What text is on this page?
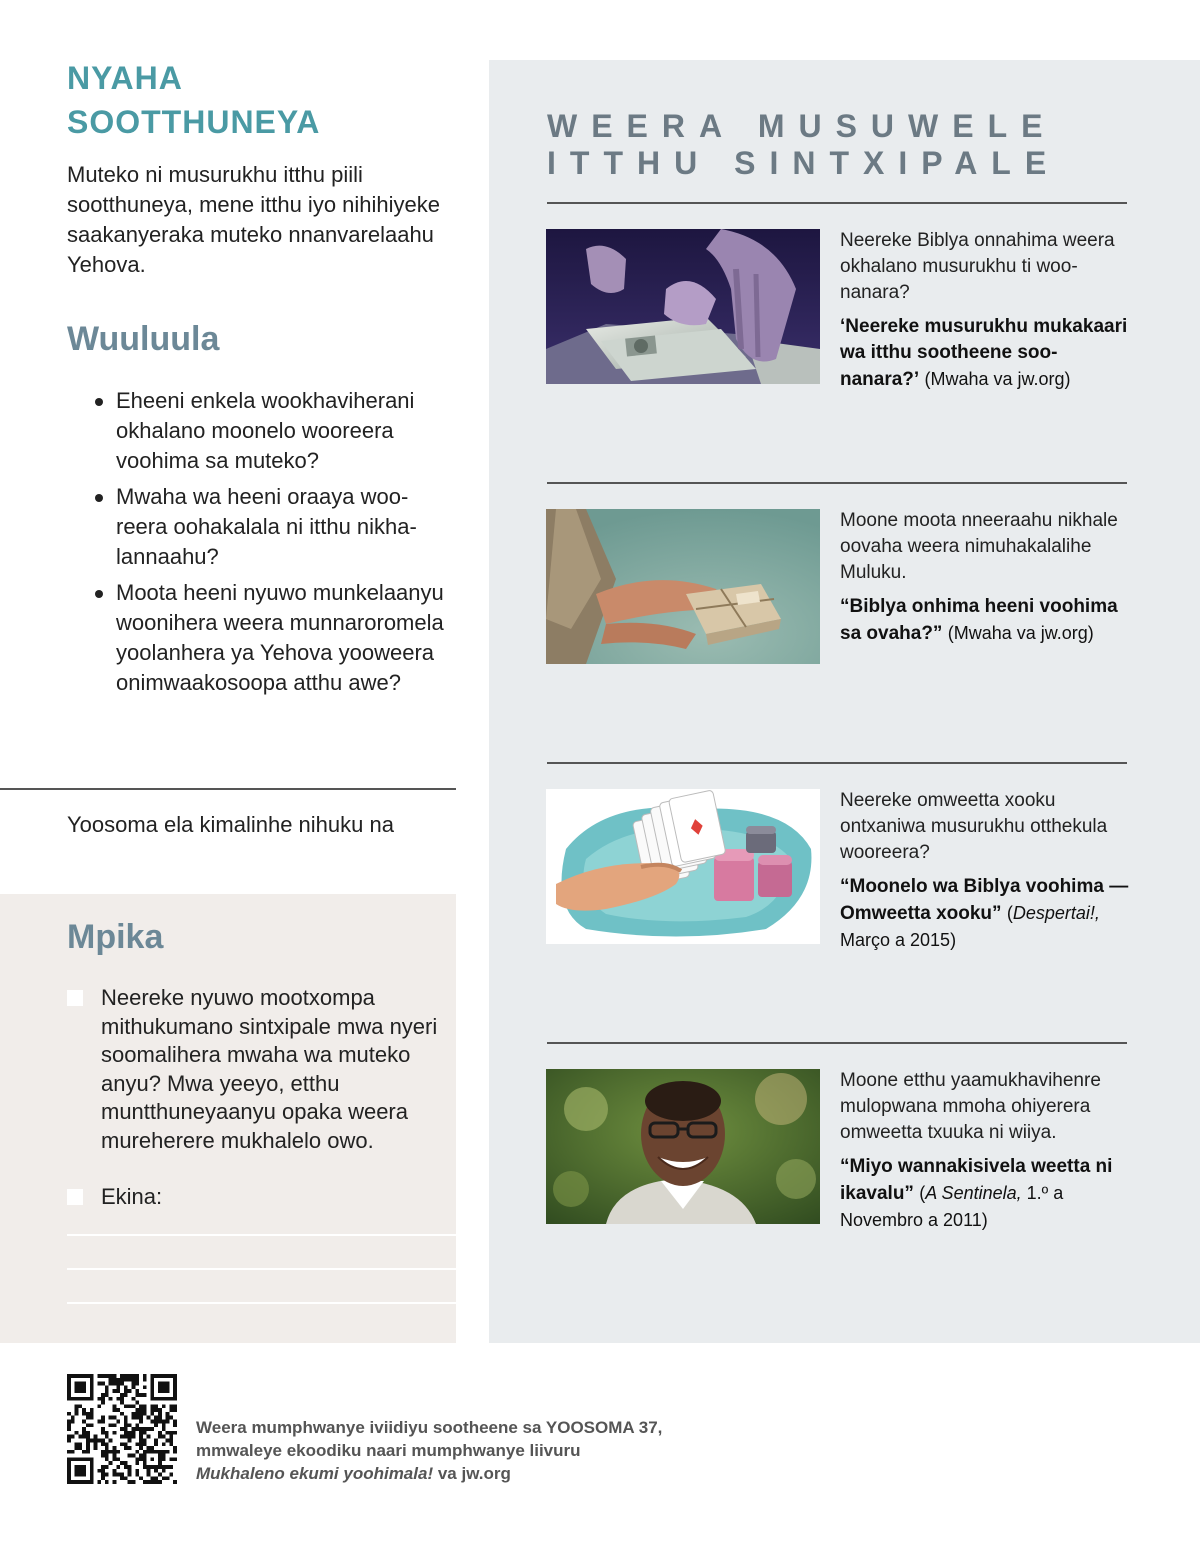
NYAHA
SOOTTHUNEYA

Muteko ni musurukhu itthu piili sootthuneya, mene itthu iyo nihihiyeke saakanyeraka muteko nnanvarelaahu Yehova.

Wuuluula
Eheeni enkela wookhaviherani okhalano moonelo wooreera voohima sa muteko?
Mwaha wa heeni oraaya wooreera oohakalala ni itthu nikhalannaahu?
Moota heeni nyuwo munkelaanyu woonihera weera munnaroromela yoolanhera ya Yehova yooweera onimwaakosoopa atthu awe?

Yoosoma ela kimalinhe nihuku na

Mpika
Neereke nyuwo mootxompa mithukumano sintxipale mwa nyeri soomalihera mwaha wa muteko anyu? Mwa yeeyo, etthu muntthuneyaanyu opaka weera mureherere mukhalelo owo.
Ekina:
WEERA MUSUWELE
ITTHU SINTXIPALE

Neereke Biblya onnahima weera okhalano musurukhu ti woonanara?

‘Neereke musurukhu mukakaari wa itthu sootheene soonanara?’ (Mwaha va jw.org)

Moone moota nneeraahu nikhale oovaha weera nimuhakalalihe Muluku.

“Biblya onhima heeni voohima sa ovaha?” (Mwaha va jw.org)

Neereke omweetta xooku ontxaniwa musurukhu otthekula wooreera?

“Moonelo wa Biblya voohima — Omweetta xooku” (Despertai!, Março a 2015)

Moone etthu yaamukhavihenre mulopwana mmoha ohiyerera omweetta txuuka ni wiiya.

“Miyo wannakisivela weetta ni ikavalu” (A Sentinela, 1.º a Novembro a 2011)

Weera mumphwanye iviidiyu sootheene sa YOOSOMA 37,
mmwaleye ekoodiku naari mumphwanye liivuru
Mukhaleno ekumi yoohimala! va jw.org
